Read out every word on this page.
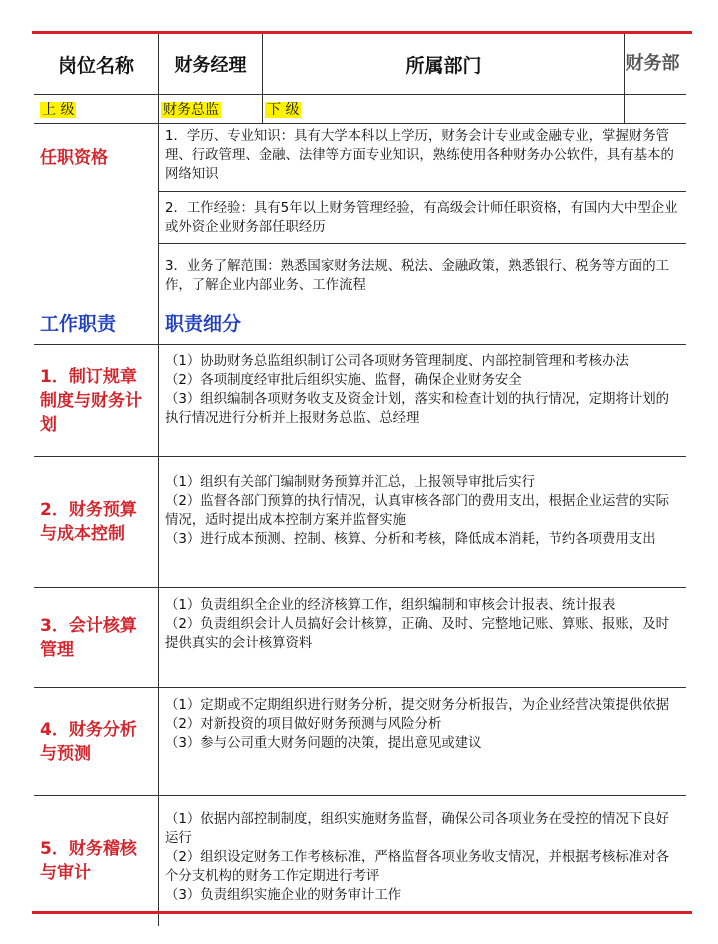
岗位名称	财务经理	所属部门	财务部
上 级	财务总监	下 级
任职资格
1．学历、专业知识：具有大学本科以上学历，财务会计专业或金融专业，掌握财务管理、行政管理、金融、法律等方面专业知识，熟练使用各种财务办公软件，具有基本的网络知识
2．工作经验：具有5年以上财务管理经验，有高级会计师任职资格，有国内大中型企业或外资企业财务部任职经历
3．业务了解范围：熟悉国家财务法规、税法、金融政策，熟悉银行、税务等方面的工作，了解企业内部业务、工作流程
工作职责	职责细分
1．制订规章制度与财务计划

（1）协助财务总监组织制订公司各项财务管理制度、内部控制管理和考核办法

（2）各项制度经审批后组织实施、监督，确保企业财务安全

（3）组织编制各项财务收支及资金计划，落实和检查计划的执行情况，定期将计划的执行情况进行分析并上报财务总监、总经理

2．财务预算与成本控制

（1）组织有关部门编制财务预算并汇总，上报领导审批后实行

（2）监督各部门预算的执行情况，认真审核各部门的费用支出，根据企业运营的实际情况，适时提出成本控制方案并监督实施

（3）进行成本预测、控制、核算、分析和考核，降低成本消耗，节约各项费用支出

3．会计核算管理

（1）负责组织全企业的经济核算工作，组织编制和审核会计报表、统计报表

（2）负责组织会计人员搞好会计核算，正确、及时、完整地记账、算账、报账，及时提供真实的会计核算资料

4．财务分析与预测

（1）定期或不定期组织进行财务分析，提交财务分析报告，为企业经营决策提供依据

（2）对新投资的项目做好财务预测与风险分析

（3）参与公司重大财务问题的决策，提出意见或建议

5．财务稽核与审计

（1）依据内部控制制度，组织实施财务监督，确保公司各项业务在受控的情况下良好运行

（2）组织设定财务工作考核标准，严格监督各项业务收支情况，并根据考核标准对各个分支机构的财务工作定期进行考评

（3）负责组织实施企业的财务审计工作
